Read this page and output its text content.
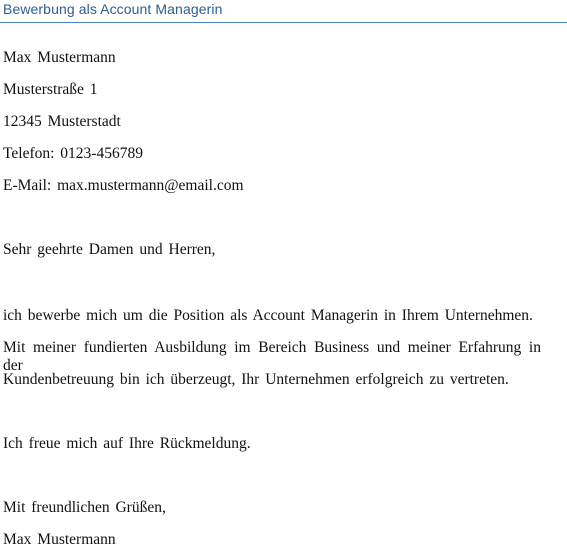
Bewerbung als Account Managerin
Max Mustermann
Musterstraße 1
12345 Musterstadt
Telefon: 0123-456789
E-Mail: max.mustermann@email.com
Sehr geehrte Damen und Herren,
ich bewerbe mich um die Position als Account Managerin in Ihrem Unternehmen.
Mit meiner fundierten Ausbildung im Bereich Business und meiner Erfahrung in der
Kundenbetreuung bin ich überzeugt, Ihr Unternehmen erfolgreich zu vertreten.
Ich freue mich auf Ihre Rückmeldung.
Mit freundlichen Grüßen,
Max Mustermann
